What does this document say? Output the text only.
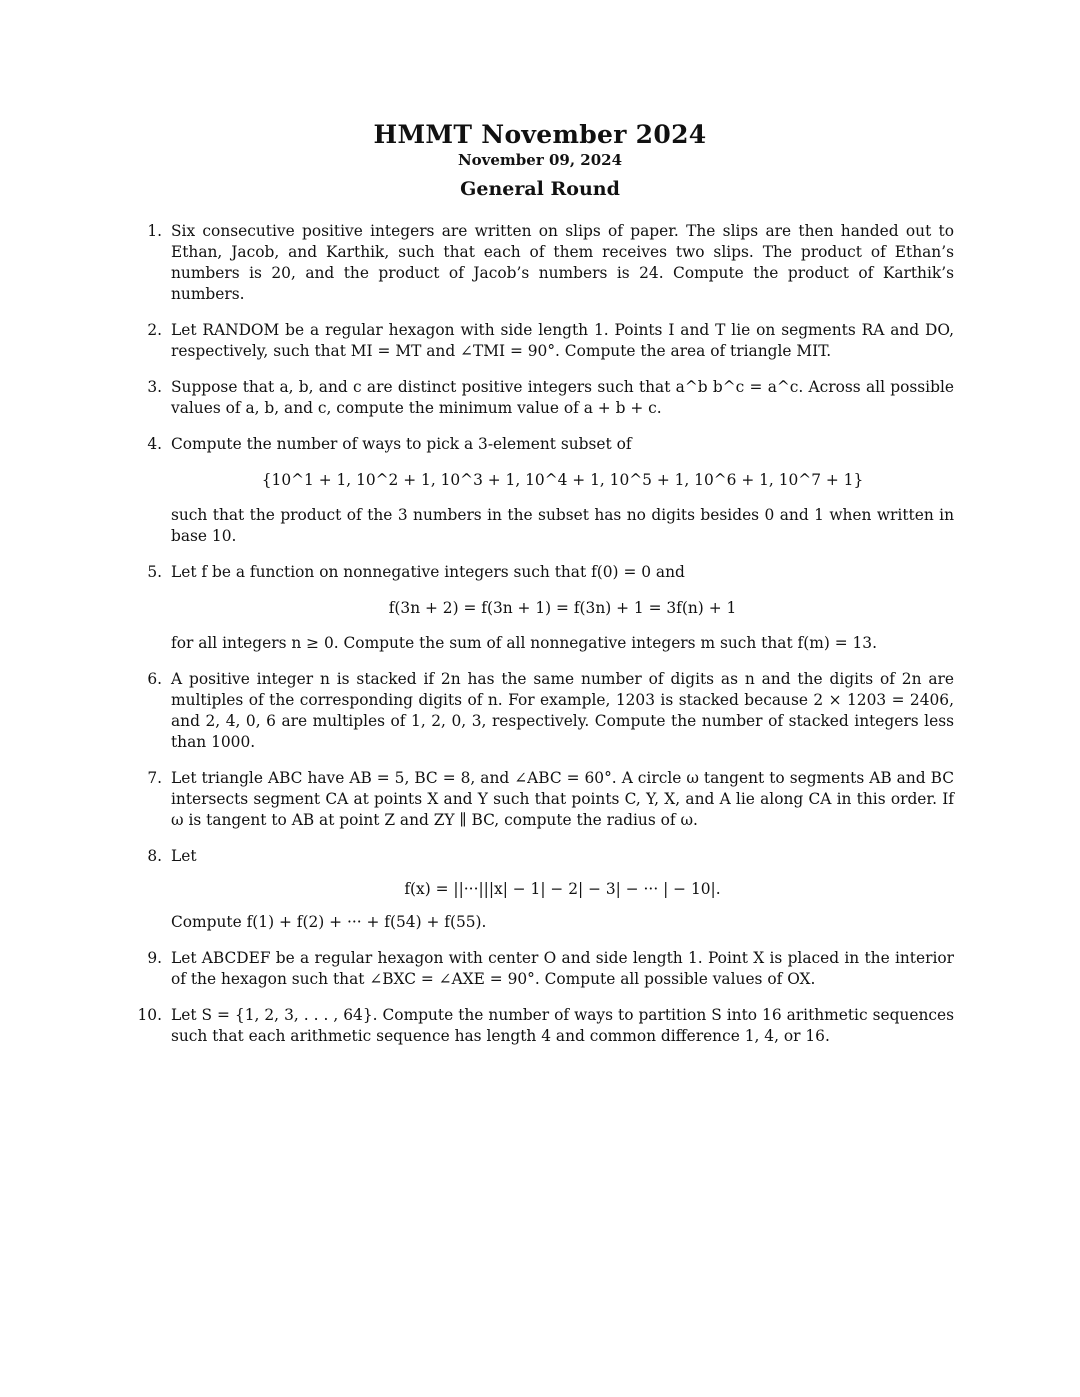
HMMT November 2024
November 09, 2024
General Round
1. Six consecutive positive integers are written on slips of paper. The slips are then handed out to Ethan, Jacob, and Karthik, such that each of them receives two slips. The product of Ethan’s numbers is 20, and the product of Jacob’s numbers is 24. Compute the product of Karthik’s numbers.

2. Let RANDOM be a regular hexagon with side length 1. Points I and T lie on segments RA and DO, respectively, such that MI = MT and ∠TMI = 90°. Compute the area of triangle MIT.

3. Suppose that a, b, and c are distinct positive integers such that a^b b^c = a^c. Across all possible values of a, b, and c, compute the minimum value of a + b + c.

4. Compute the number of ways to pick a 3-element subset of

{10^1 + 1, 10^2 + 1, 10^3 + 1, 10^4 + 1, 10^5 + 1, 10^6 + 1, 10^7 + 1}

such that the product of the 3 numbers in the subset has no digits besides 0 and 1 when written in base 10.

5. Let f be a function on nonnegative integers such that f(0) = 0 and

f(3n + 2) = f(3n + 1) = f(3n) + 1 = 3f(n) + 1

for all integers n ≥ 0. Compute the sum of all nonnegative integers m such that f(m) = 13.

6. A positive integer n is stacked if 2n has the same number of digits as n and the digits of 2n are multiples of the corresponding digits of n. For example, 1203 is stacked because 2 × 1203 = 2406, and 2, 4, 0, 6 are multiples of 1, 2, 0, 3, respectively. Compute the number of stacked integers less than 1000.

7. Let triangle ABC have AB = 5, BC = 8, and ∠ABC = 60°. A circle ω tangent to segments AB and BC intersects segment CA at points X and Y such that points C, Y, X, and A lie along CA in this order. If ω is tangent to AB at point Z and ZY ∥ BC, compute the radius of ω.

8. Let

f(x) = ||···|||x| − 1| − 2| − 3| − ··· | − 10|.

Compute f(1) + f(2) + ··· + f(54) + f(55).

9. Let ABCDEF be a regular hexagon with center O and side length 1. Point X is placed in the interior of the hexagon such that ∠BXC = ∠AXE = 90°. Compute all possible values of OX.

10. Let S = {1, 2, 3, . . . , 64}. Compute the number of ways to partition S into 16 arithmetic sequences such that each arithmetic sequence has length 4 and common difference 1, 4, or 16.
